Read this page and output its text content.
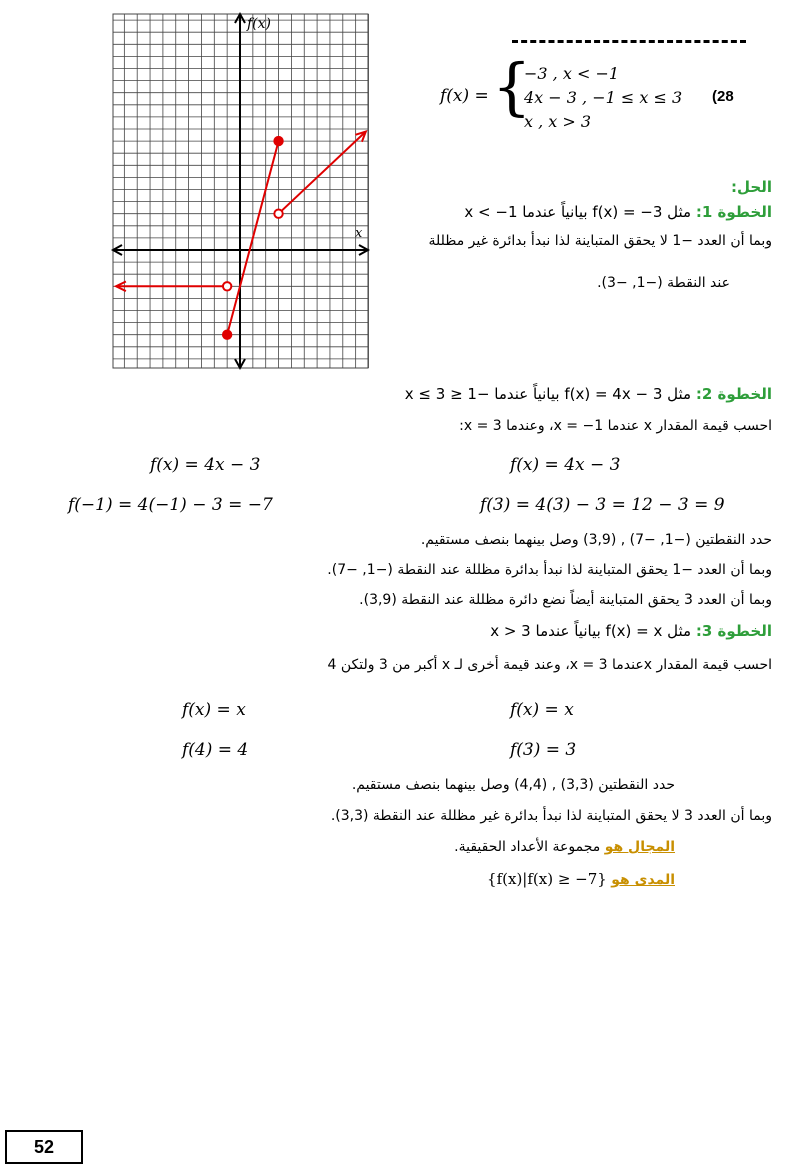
f(x)
x
f(x) = {
−3 , x < −1
4x − 3 , −1 ≤ x ≤ 3
x , x > 3
(28
الحل:
الخطوة 1: مثل f(x) = −3 بيانياً عندما x < −1
وبما أن العدد −1 لا يحقق المتباينة لذا نبدأ بدائرة غير مظللة
عند النقطة (−1, −3).
الخطوة 2: مثل f(x) = 4x − 3 بيانياً عندما −1 ≤ x ≤ 3
احسب قيمة المقدار x عندما x = −1، وعندما x = 3:
f(x) = 4x − 3	f(x) = 4x − 3
f(−1) = 4(−1) − 3 = −7	f(3) = 4(3) − 3 = 12 − 3 = 9
حدد النقطتين (−1, −7) , (3,9) وصل بينهما بنصف مستقيم.
وبما أن العدد −1 يحقق المتباينة لذا نبدأ بدائرة مظللة عند النقطة (−1, −7).
وبما أن العدد 3 يحقق المتباينة أيضاً نضع دائرة مظللة عند النقطة (3,9).
الخطوة 3: مثل f(x) = x بيانياً عندما x > 3
احسب قيمة المقدار xعندما x = 3، وعند قيمة أخرى لـ x أكبر من 3 ولتكن 4
f(x) = x	f(x) = x
f(4) = 4	f(3) = 3
حدد النقطتين (3,3) , (4,4) وصل بينهما بنصف مستقيم.
وبما أن العدد 3 لا يحقق المتباينة لذا نبدأ بدائرة غير مظللة عند النقطة (3,3).
المجال هو مجموعة الأعداد الحقيقية.
المدى هو {f(x)|f(x) ≥ −7}
52
